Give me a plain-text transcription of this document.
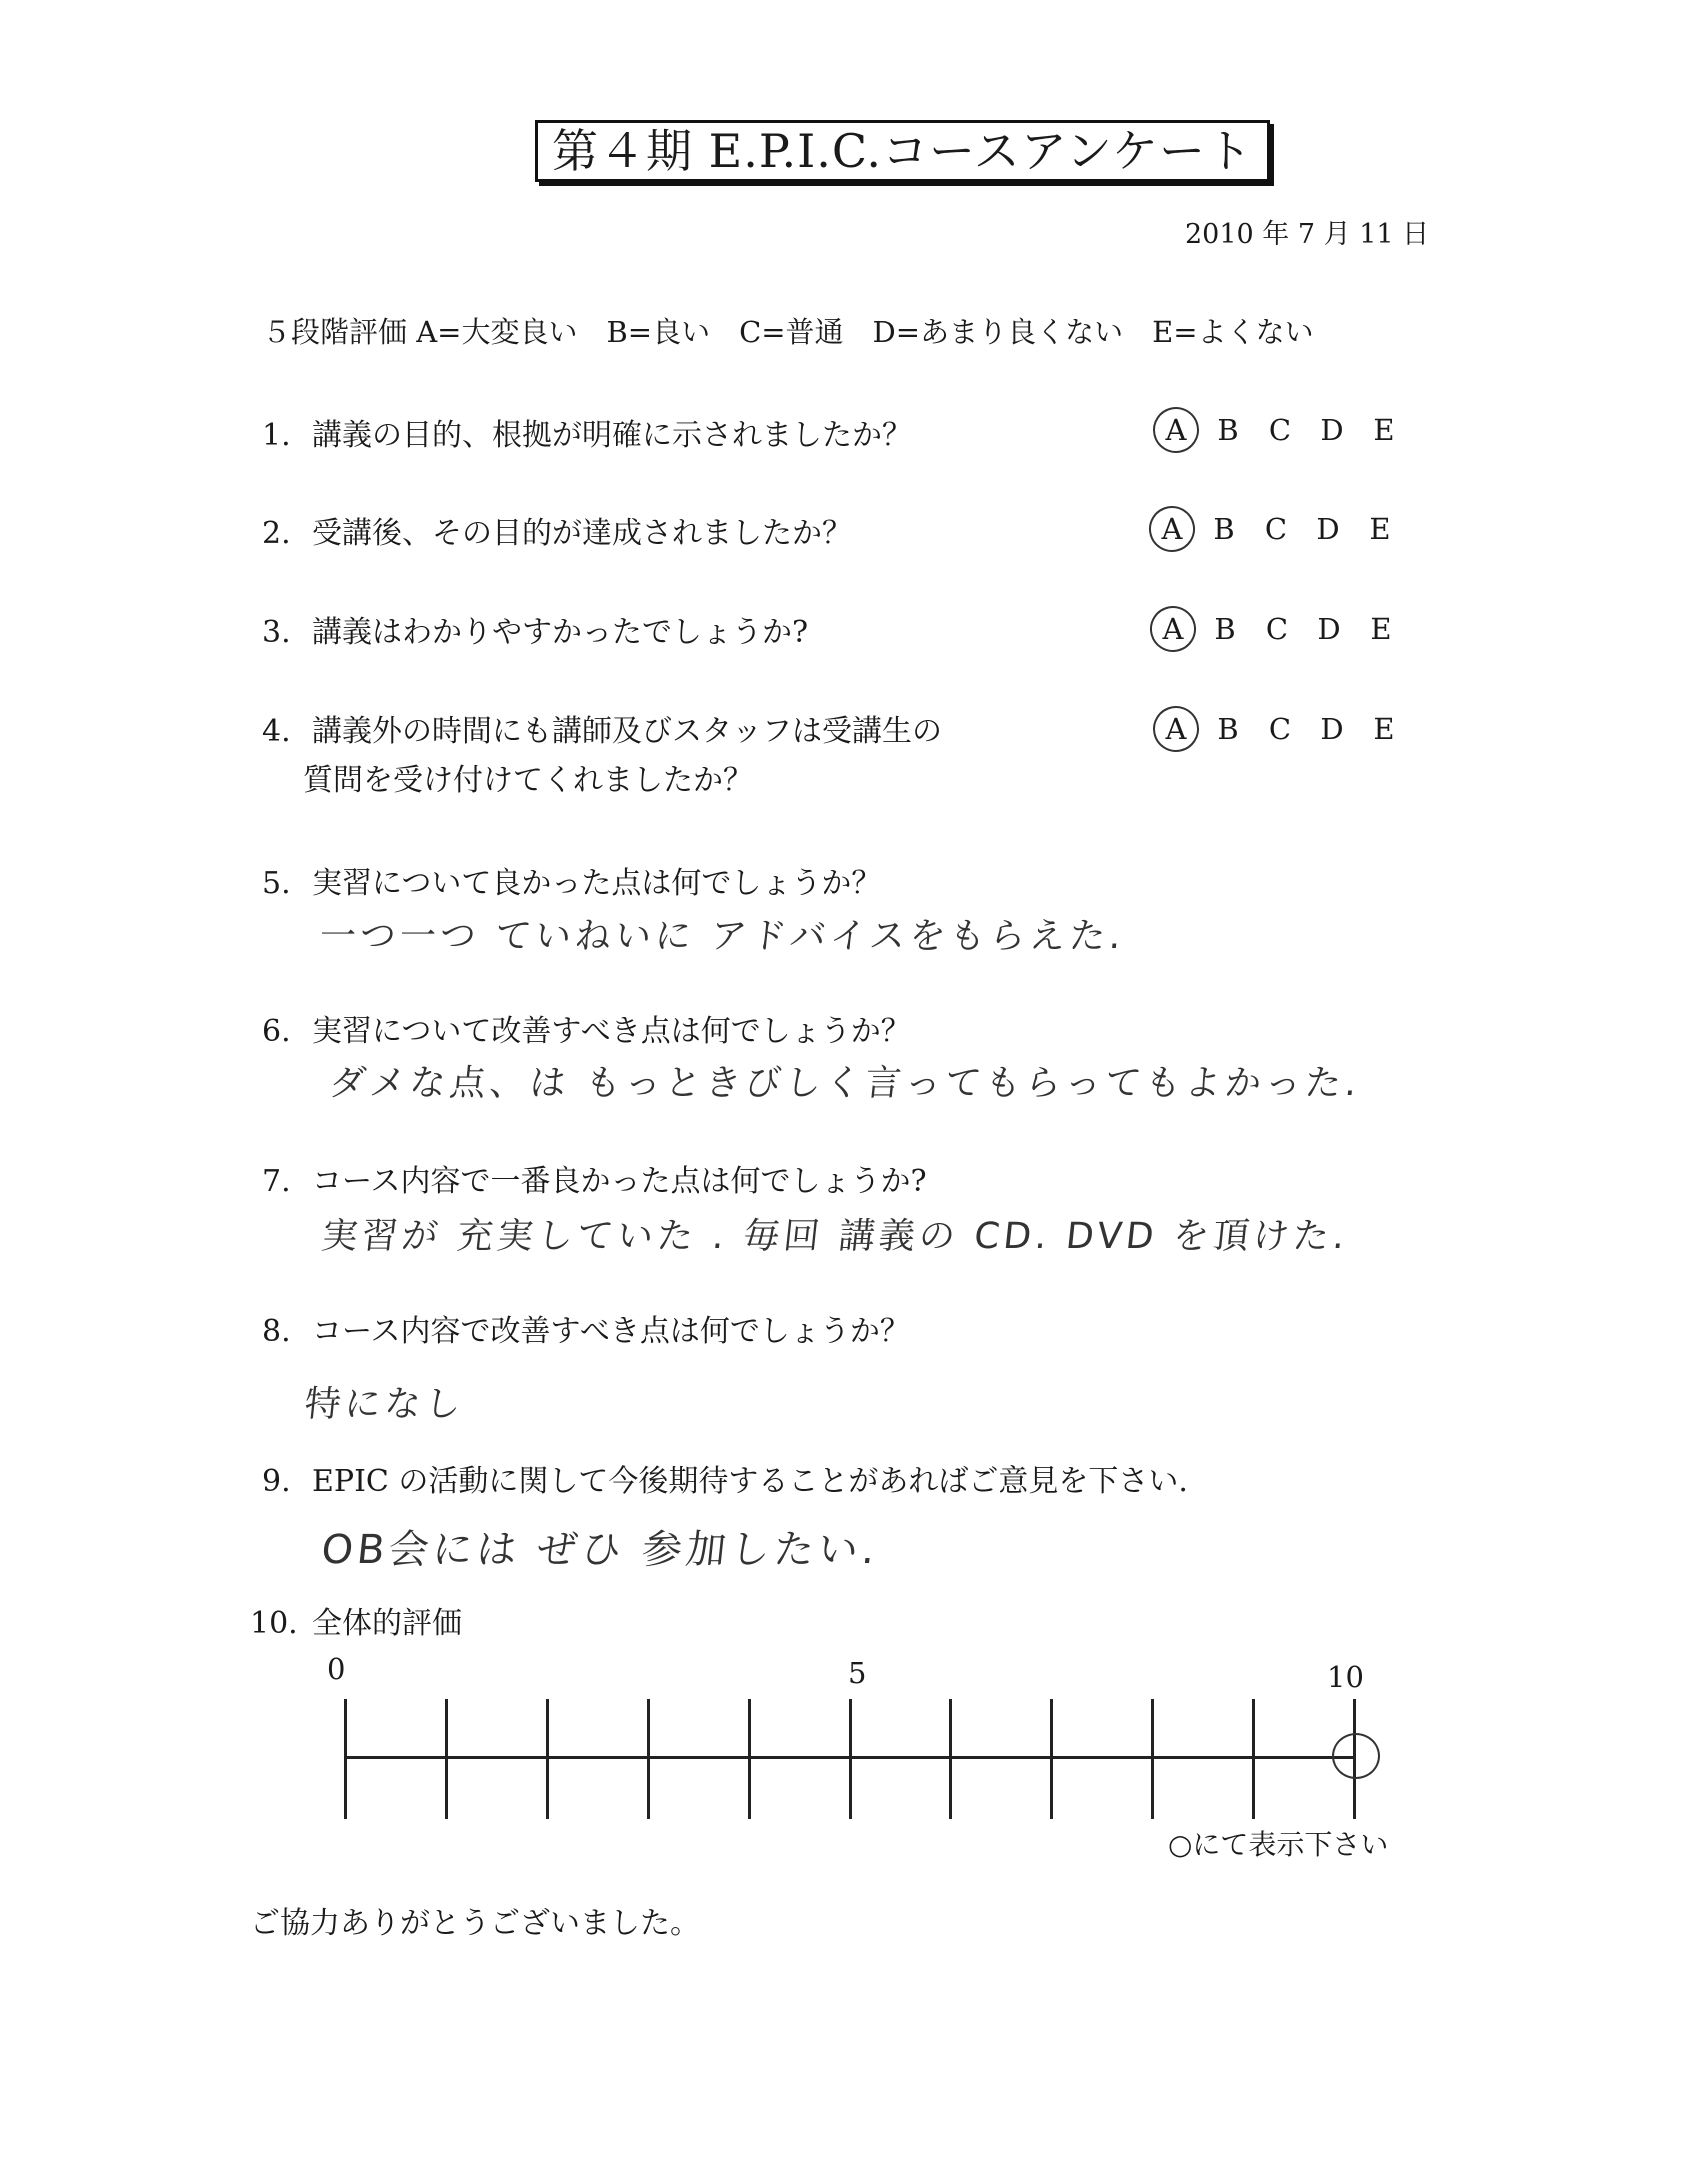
第４期 E.P.I.C.コースアンケート
2010 年 7 月 11 日
５段階評価 A=大変良い　B=良い　C=普通　D=あまり良くない　E=よくない
1. 講義の目的、根拠が明確に示されましたか？	A B C D E
2. 受講後、その目的が達成されましたか？	A B C D E
3. 講義はわかりやすかったでしょうか?	A B C D E
4. 講義外の時間にも講師及びスタッフは受講生の
質問を受け付けてくれましたか？
A B C D E
5. 実習について良かった点は何でしょうか？
一つ一つ ていねいに アドバイスをもらえた.
6. 実習について改善すべき点は何でしょうか？
ダメな点、は もっときびしく言ってもらってもよかった.
7. コース内容で一番良かった点は何でしょうか?
実習が 充実していた . 毎回 講義の CD. DVD を頂けた.
8. コース内容で改善すべき点は何でしょうか？
特になし
9. EPIC の活動に関して今後期待することがあればご意見を下さい.
OB会には ぜひ 参加したい.
10. 全体的評価
0	5	10
○にて表示下さい
ご協力ありがとうございました。
